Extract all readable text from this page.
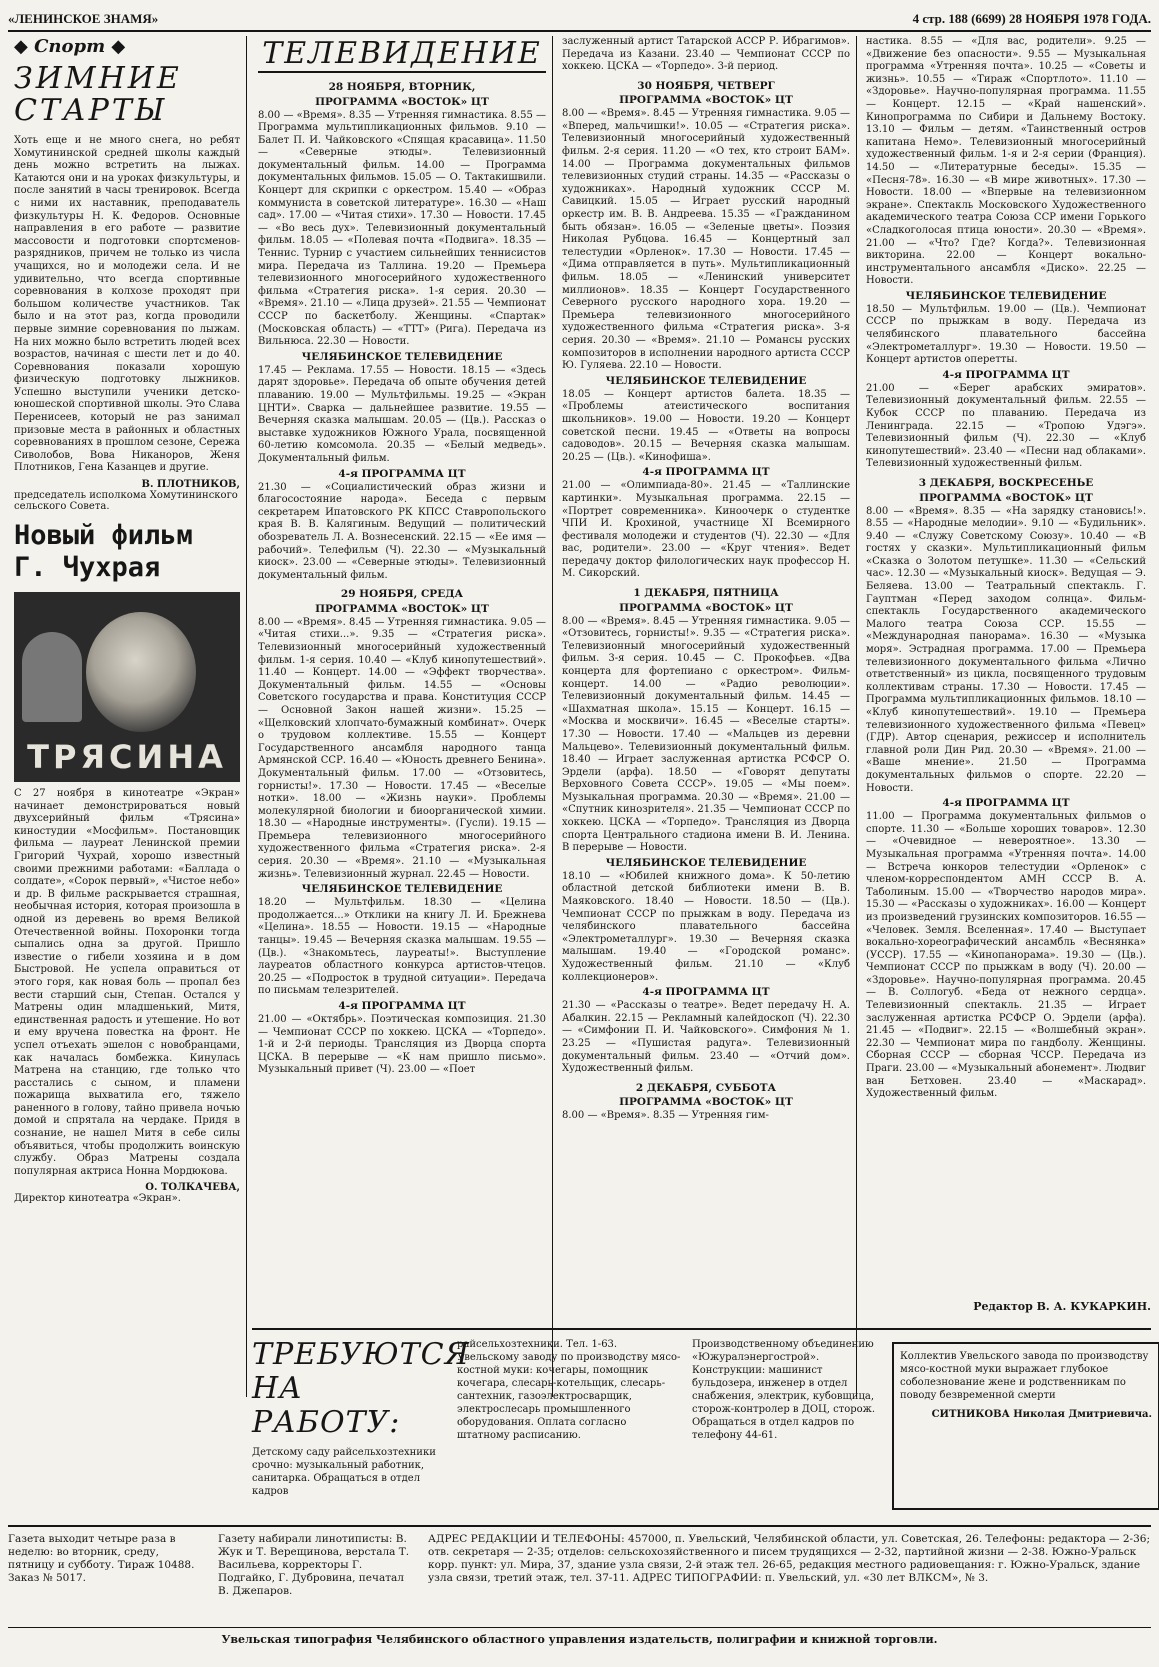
«ЛЕНИНСКОЕ ЗНАМЯ»	4 стр. 188 (6699) 28 НОЯБРЯ 1978 ГОДА.
◆ Спорт ◆
ЗИМНИЕ СТАРТЫ
Хоть еще и не много снега, но ребят Хомутининской средней школы каждый день можно встретить на лыжах. Катаются они и на уроках физкультуры, и после занятий в часы тренировок. Всегда с ними их наставник, преподаватель физкультуры Н. К. Федоров. Основные направления в его работе — развитие массовости и подготовки спортсменов-разрядников, причем не только из числа учащихся, но и молодежи села. И не удивительно, что всегда спортивные соревнования в колхозе проходят при большом количестве участников. Так было и на этот раз, когда проводили первые зимние соревнования по лыжам. На них можно было встретить людей всех возрастов, начиная с шести лет и до 40. Соревнования показали хорошую физическую подготовку лыжников. Успешно выступили ученики детско-юношеской спортивной школы. Это Слава Перенисеев, который не раз занимал призовые места в районных и областных соревнованиях в прошлом сезоне, Сережа Сиволобов, Вова Никаноров, Женя Плотников, Гена Казанцев и другие.
В. ПЛОТНИКОВ,
председатель исполкома Хомутининского сельского Совета.
Новый фильм Г. Чухрая
ТРЯСИНА
С 27 ноября в кинотеатре «Экран» начинает демонстрироваться новый двухсерийный фильм «Трясина» киностудии «Мосфильм». Постановщик фильма — лауреат Ленинской премии Григорий Чухрай, хорошо известный своими прежними работами: «Баллада о солдате», «Сорок первый», «Чистое небо» и др. В фильме раскрывается страшная, необычная история, которая произошла в одной из деревень во время Великой Отечественной войны. Похоронки тогда сыпались одна за другой. Пришло известие о гибели хозяина и в дом Быстровой. Не успела оправиться от этого горя, как новая боль — пропал без вести старший сын, Степан. Остался у Матрены один младшенький, Митя, единственная радость и утешение. Но вот и ему вручена повестка на фронт. Не успел отъехать эшелон с новобранцами, как началась бомбежка. Кинулась Матрена на станцию, где только что расстались с сыном, и пламени пожарища выхватила его, тяжело раненного в голову, тайно привела ночью домой и спрятала на чердаке. Придя в сознание, не нашел Митя в себе силы объявиться, чтобы продолжить воинскую службу. Образ Матрены создала популярная актриса Нонна Мордюкова.
О. ТОЛКАЧЕВА,
Директор кинотеатра «Экран».
ТЕЛЕВИДЕНИЕ
28 НОЯБРЯ, ВТОРНИК,
ПРОГРАММА «ВОСТОК» ЦТ
8.00 — «Время». 8.35 — Утренняя гимнастика. 8.55 — Программа мультипликационных фильмов. 9.10 — Балет П. И. Чайковского «Спящая красавица». 11.50 — «Северные этюды». Телевизионный документальный фильм. 14.00 — Программа документальных фильмов. 15.05 — О. Тактакишвили. Концерт для скрипки с оркестром. 15.40 — «Образ коммуниста в советской литературе». 16.30 — «Наш сад». 17.00 — «Читая стихи». 17.30 — Новости. 17.45 — «Во весь дух». Телевизионный документальный фильм. 18.05 — «Полевая почта «Подвига». 18.35 — Теннис. Турнир с участием сильнейших теннисистов мира. Передача из Таллина. 19.20 — Премьера телевизионного многосерийного художественного фильма «Стратегия риска». 1-я серия. 20.30 — «Время». 21.10 — «Лица друзей». 21.55 — Чемпионат СССР по баскетболу. Женщины. «Спартак» (Московская область) — «ТТТ» (Рига). Передача из Вильнюса. 22.30 — Новости.
ЧЕЛЯБИНСКОЕ ТЕЛЕВИДЕНИЕ
17.45 — Реклама. 17.55 — Новости. 18.15 — «Здесь дарят здоровье». Передача об опыте обучения детей плаванию. 19.00 — Мультфильмы. 19.25 — «Экран ЦНТИ». Сварка — дальнейшее развитие. 19.55 — Вечерняя сказка малышам. 20.05 — (Цв.). Рассказ о выставке художников Южного Урала, посвященной 60-летию комсомола. 20.35 — «Белый медведь». Документальный фильм.
4-я ПРОГРАММА ЦТ
21.30 — «Социалистический образ жизни и благосостояние народа». Беседа с первым секретарем Ипатовского РК КПСС Ставропольского края В. В. Калягиным. Ведущий — политический обозреватель Л. А. Вознесенский. 22.15 — «Ее имя — рабочий». Телефильм (Ч). 22.30 — «Музыкальный киоск». 23.00 — «Северные этюды». Телевизионный документальный фильм.
29 НОЯБРЯ, СРЕДА
ПРОГРАММА «ВОСТОК» ЦТ
8.00 — «Время». 8.45 — Утренняя гимнастика. 9.05 — «Читая стихи...». 9.35 — «Стратегия риска». Телевизионный многосерийный художественный фильм. 1-я серия. 10.40 — «Клуб кинопутешествий». 11.40 — Концерт. 14.00 — «Эффект творчества». Документальный фильм. 14.55 — «Основы Советского государства и права. Конституция СССР — Основной Закон нашей жизни». 15.25 — «Щелковский хлопчато-бумажный комбинат». Очерк о трудовом коллективе. 15.55 — Концерт Государственного ансамбля народного танца Армянской ССР. 16.40 — «Юность древнего Бенина». Документальный фильм. 17.00 — «Отзовитесь, горнисты!». 17.30 — Новости. 17.45 — «Веселые нотки». 18.00 — «Жизнь науки». Проблемы молекулярной биологии и биоорганической химии. 18.30 — «Народные инструменты». (Гусли). 19.15 — Премьера телевизионного многосерийного художественного фильма «Стратегия риска». 2-я серия. 20.30 — «Время». 21.10 — «Музыкальная жизнь». Телевизионный журнал. 22.45 — Новости.
ЧЕЛЯБИНСКОЕ ТЕЛЕВИДЕНИЕ
18.20 — Мультфильм. 18.30 — «Целина продолжается...» Отклики на книгу Л. И. Брежнева «Целина». 18.55 — Новости. 19.15 — «Народные танцы». 19.45 — Вечерняя сказка малышам. 19.55 — (Цв.). «Знакомьтесь, лауреаты!». Выступление лауреатов областного конкурса артистов-чтецов. 20.25 — «Подросток в трудной ситуации». Передача по письмам телезрителей.
4-я ПРОГРАММА ЦТ
21.00 — «Октябрь». Поэтическая композиция. 21.30 — Чемпионат СССР по хоккею. ЦСКА — «Торпедо». 1-й и 2-й периоды. Трансляция из Дворца спорта ЦСКА. В перерыве — «К нам пришло письмо». Музыкальный привет (Ч). 23.00 — «Поет
заслуженный артист Татарской АССР Р. Ибрагимов». Передача из Казани. 23.40 — Чемпионат СССР по хоккею. ЦСКА — «Торпедо». 3-й период.
30 НОЯБРЯ, ЧЕТВЕРГ
ПРОГРАММА «ВОСТОК» ЦТ
8.00 — «Время». 8.45 — Утренняя гимнастика. 9.05 — «Вперед, мальчишки!». 10.05 — «Стратегия риска». Телевизионный многосерийный художественный фильм. 2-я серия. 11.20 — «О тех, кто строит БАМ». 14.00 — Программа документальных фильмов телевизионных студий страны. 14.35 — «Рассказы о художниках». Народный художник СССР М. Савицкий. 15.05 — Играет русский народный оркестр им. В. В. Андреева. 15.35 — «Гражданином быть обязан». 16.05 — «Зеленые цветы». Поэзия Николая Рубцова. 16.45 — Концертный зал телестудии «Орленок». 17.30 — Новости. 17.45 — «Дима отправляется в путь». Мультипликационный фильм. 18.05 — «Ленинский университет миллионов». 18.35 — Концерт Государственного Северного русского народного хора. 19.20 — Премьера телевизионного многосерийного художественного фильма «Стратегия риска». 3-я серия. 20.30 — «Время». 21.10 — Романсы русских композиторов в исполнении народного артиста СССР Ю. Гуляева. 22.10 — Новости.
ЧЕЛЯБИНСКОЕ ТЕЛЕВИДЕНИЕ
18.05 — Концерт артистов балета. 18.35 — «Проблемы атеистического воспитания школьников». 19.00 — Новости. 19.20 — Концерт советской песни. 19.45 — «Ответы на вопросы садоводов». 20.15 — Вечерняя сказка малышам. 20.25 — (Цв.). «Кинофиша».
4-я ПРОГРАММА ЦТ
21.00 — «Олимпиада-80». 21.45 — «Таллинские картинки». Музыкальная программа. 22.15 — «Портрет современника». Киноочерк о студентке ЧПИ И. Крохиной, участнице XI Всемирного фестиваля молодежи и студентов (Ч). 22.30 — «Для вас, родители». 23.00 — «Круг чтения». Ведет передачу доктор филологических наук профессор Н. М. Сикорский.
1 ДЕКАБРЯ, ПЯТНИЦА
ПРОГРАММА «ВОСТОК» ЦТ
8.00 — «Время». 8.45 — Утренняя гимнастика. 9.05 — «Отзовитесь, горнисты!». 9.35 — «Стратегия риска». Телевизионный многосерийный художественный фильм. 3-я серия. 10.45 — С. Прокофьев. «Два концерта для фортепиано с оркестром». Фильм-концерт. 14.00 — «Радио революции». Телевизионный документальный фильм. 14.45 — «Шахматная школа». 15.15 — Концерт. 16.15 — «Москва и москвичи». 16.45 — «Веселые старты». 17.30 — Новости. 17.40 — «Мальцев из деревни Мальцево». Телевизионный документальный фильм. 18.40 — Играет заслуженная артистка РСФСР О. Эрдели (арфа). 18.50 — «Говорят депутаты Верховного Совета СССР». 19.05 — «Мы поем». Музыкальная программа. 20.30 — «Время». 21.00 — «Спутник кинозрителя». 21.35 — Чемпионат СССР по хоккею. ЦСКА — «Торпедо». Трансляция из Дворца спорта Центрального стадиона имени В. И. Ленина. В перерыве — Новости.
ЧЕЛЯБИНСКОЕ ТЕЛЕВИДЕНИЕ
18.10 — «Юбилей книжного дома». К 50-летию областной детской библиотеки имени В. В. Маяковского. 18.40 — Новости. 18.50 — (Цв.). Чемпионат СССР по прыжкам в воду. Передача из челябинского плавательного бассейна «Электрометаллург». 19.30 — Вечерняя сказка малышам. 19.40 — «Городской романс». Художественный фильм. 21.10 — «Клуб коллекционеров».
4-я ПРОГРАММА ЦТ
21.30 — «Рассказы о театре». Ведет передачу Н. А. Абалкин. 22.15 — Рекламный калейдоскоп (Ч). 22.30 — «Симфонии П. И. Чайковского». Симфония № 1. 23.25 — «Пушистая радуга». Телевизионный документальный фильм. 23.40 — «Отчий дом». Художественный фильм.
2 ДЕКАБРЯ, СУББОТА
ПРОГРАММА «ВОСТОК» ЦТ
8.00 — «Время». 8.35 — Утренняя гим-
настика. 8.55 — «Для вас, родители». 9.25 — «Движение без опасности». 9.55 — Музыкальная программа «Утренняя почта». 10.25 — «Советы и жизнь». 10.55 — «Тираж «Спортлото». 11.10 — «Здоровье». Научно-популярная программа. 11.55 — Концерт. 12.15 — «Край нашенский». Кинопрограмма по Сибири и Дальнему Востоку. 13.10 — Фильм — детям. «Таинственный остров капитана Немо». Телевизионный многосерийный художественный фильм. 1-я и 2-я серии (Франция). 14.50 — «Литературные беседы». 15.35 — «Песня-78». 16.30 — «В мире животных». 17.30 — Новости. 18.00 — «Впервые на телевизионном экране». Спектакль Московского Художественного академического театра Союза ССР имени Горького «Сладкоголосая птица юности». 20.30 — «Время». 21.00 — «Что? Где? Когда?». Телевизионная викторина. 22.00 — Концерт вокально-инструментального ансамбля «Диско». 22.25 — Новости.
ЧЕЛЯБИНСКОЕ ТЕЛЕВИДЕНИЕ
18.50 — Мультфильм. 19.00 — (Цв.). Чемпионат СССР по прыжкам в воду. Передача из челябинского плавательного бассейна «Электрометаллург». 19.30 — Новости. 19.50 — Концерт артистов оперетты.
4-я ПРОГРАММА ЦТ
21.00 — «Берег арабских эмиратов». Телевизионный документальный фильм. 22.55 — Кубок СССР по плаванию. Передача из Ленинграда. 22.15 — «Тропою Удэгэ». Телевизионный фильм (Ч). 22.30 — «Клуб кинопутешествий». 23.40 — «Песни над облаками». Телевизионный художественный фильм.
3 ДЕКАБРЯ, ВОСКРЕСЕНЬЕ
ПРОГРАММА «ВОСТОК» ЦТ
8.00 — «Время». 8.35 — «На зарядку становись!». 8.55 — «Народные мелодии». 9.10 — «Будильник». 9.40 — «Служу Советскому Союзу». 10.40 — «В гостях у сказки». Мультипликационный фильм «Сказка о Золотом петушке». 11.30 — «Сельский час». 12.30 — «Музыкальный киоск». Ведущая — Э. Беляева. 13.00 — Театральный спектакль. Г. Гауптман «Перед заходом солнца». Фильм-спектакль Государственного академического Малого театра Союза ССР. 15.55 — «Международная панорама». 16.30 — «Музыка моря». Эстрадная программа. 17.00 — Премьера телевизионного документального фильма «Лично ответственный» из цикла, посвященного трудовым коллективам страны. 17.30 — Новости. 17.45 — Программа мультипликационных фильмов. 18.10 — «Клуб кинопутешествий». 19.10 — Премьера телевизионного художественного фильма «Певец» (ГДР). Автор сценария, режиссер и исполнитель главной роли Дин Рид. 20.30 — «Время». 21.00 — «Ваше мнение». 21.50 — Программа документальных фильмов о спорте. 22.20 — Новости.
4-я ПРОГРАММА ЦТ
11.00 — Программа документальных фильмов о спорте. 11.30 — «Больше хороших товаров». 12.30 — «Очевидное — невероятное». 13.30 — Музыкальная программа «Утренняя почта». 14.00 — Встреча юнкоров телестудии «Орленок» с членом-корреспондентом АМН СССР В. А. Таболиным. 15.00 — «Творчество народов мира». 15.30 — «Рассказы о художниках». 16.00 — Концерт из произведений грузинских композиторов. 16.55 — «Человек. Земля. Вселенная». 17.40 — Выступает вокально-хореографический ансамбль «Веснянка» (УССР). 17.55 — «Кинопанорама». 19.30 — (Цв.). Чемпионат СССР по прыжкам в воду (Ч). 20.00 — «Здоровье». Научно-популярная программа. 20.45 — В. Соллогуб. «Беда от нежного сердца». Телевизионный спектакль. 21.35 — Играет заслуженная артистка РСФСР О. Эрдели (арфа). 21.45 — «Подвиг». 22.15 — «Волшебный экран». 22.30 — Чемпионат мира по гандболу. Женщины. Сборная СССР — сборная ЧССР. Передача из Праги. 23.00 — «Музыкальный абонемент». Людвиг ван Бетховен. 23.40 — «Маскарад». Художественный фильм.
Редактор В. А. КУКАРКИН.
ТРЕБУЮТСЯ НА РАБОТУ:
Детскому саду райсельхозтехники срочно: музыкальный работник, санитарка. Обращаться в отдел кадров
райсельхозтехники. Тел. 1-63. Увельскому заводу по производству мясо-костной муки: кочегары, помощник кочегара, слесарь-котельщик, слесарь-сантехник, газоэлектросварщик, электрослесарь промышленного оборудования. Оплата согласно штатному расписанию.
Производственному объединению «Южуралэнергострой». Конструкции: машинист бульдозера, инженер в отдел снабжения, электрик, кубовщица, сторож-контролер в ДОЦ, сторож. Обращаться в отдел кадров по телефону 44-61.
Коллектив Увельского завода по производству мясо-костной муки выражает глубокое соболезнование жене и родственникам по поводу безвременной смерти
СИТНИКОВА Николая Дмитриевича.
Газета выходит четыре раза в неделю: во вторник, среду, пятницу и субботу. Тираж 10488. Заказ № 5017.
Газету набирали линотиписты: В. Жук и Т. Верещинова, верстала Т. Васильева, корректоры Г. Подгайко, Г. Дубровина, печатал В. Джепаров.
АДРЕС РЕДАКЦИИ И ТЕЛЕФОНЫ: 457000, п. Увельский, Челябинской области, ул. Советская, 26. Телефоны: редактора — 2-36; отв. секретаря — 2-35; отделов: сельскохозяйственного и писем трудящихся — 2-32, партийной жизни — 2-38. Южно-Уральск корр. пункт: ул. Мира, 37, здание узла связи, 2-й этаж тел. 26-65, редакция местного радиовещания: г. Южно-Уральск, здание узла связи, третий этаж, тел. 37-11. АДРЕС ТИПОГРАФИИ: п. Увельский, ул. «30 лет ВЛКСМ», № 3.
Увельская типография Челябинского областного управления издательств, полиграфии и книжной торговли.
